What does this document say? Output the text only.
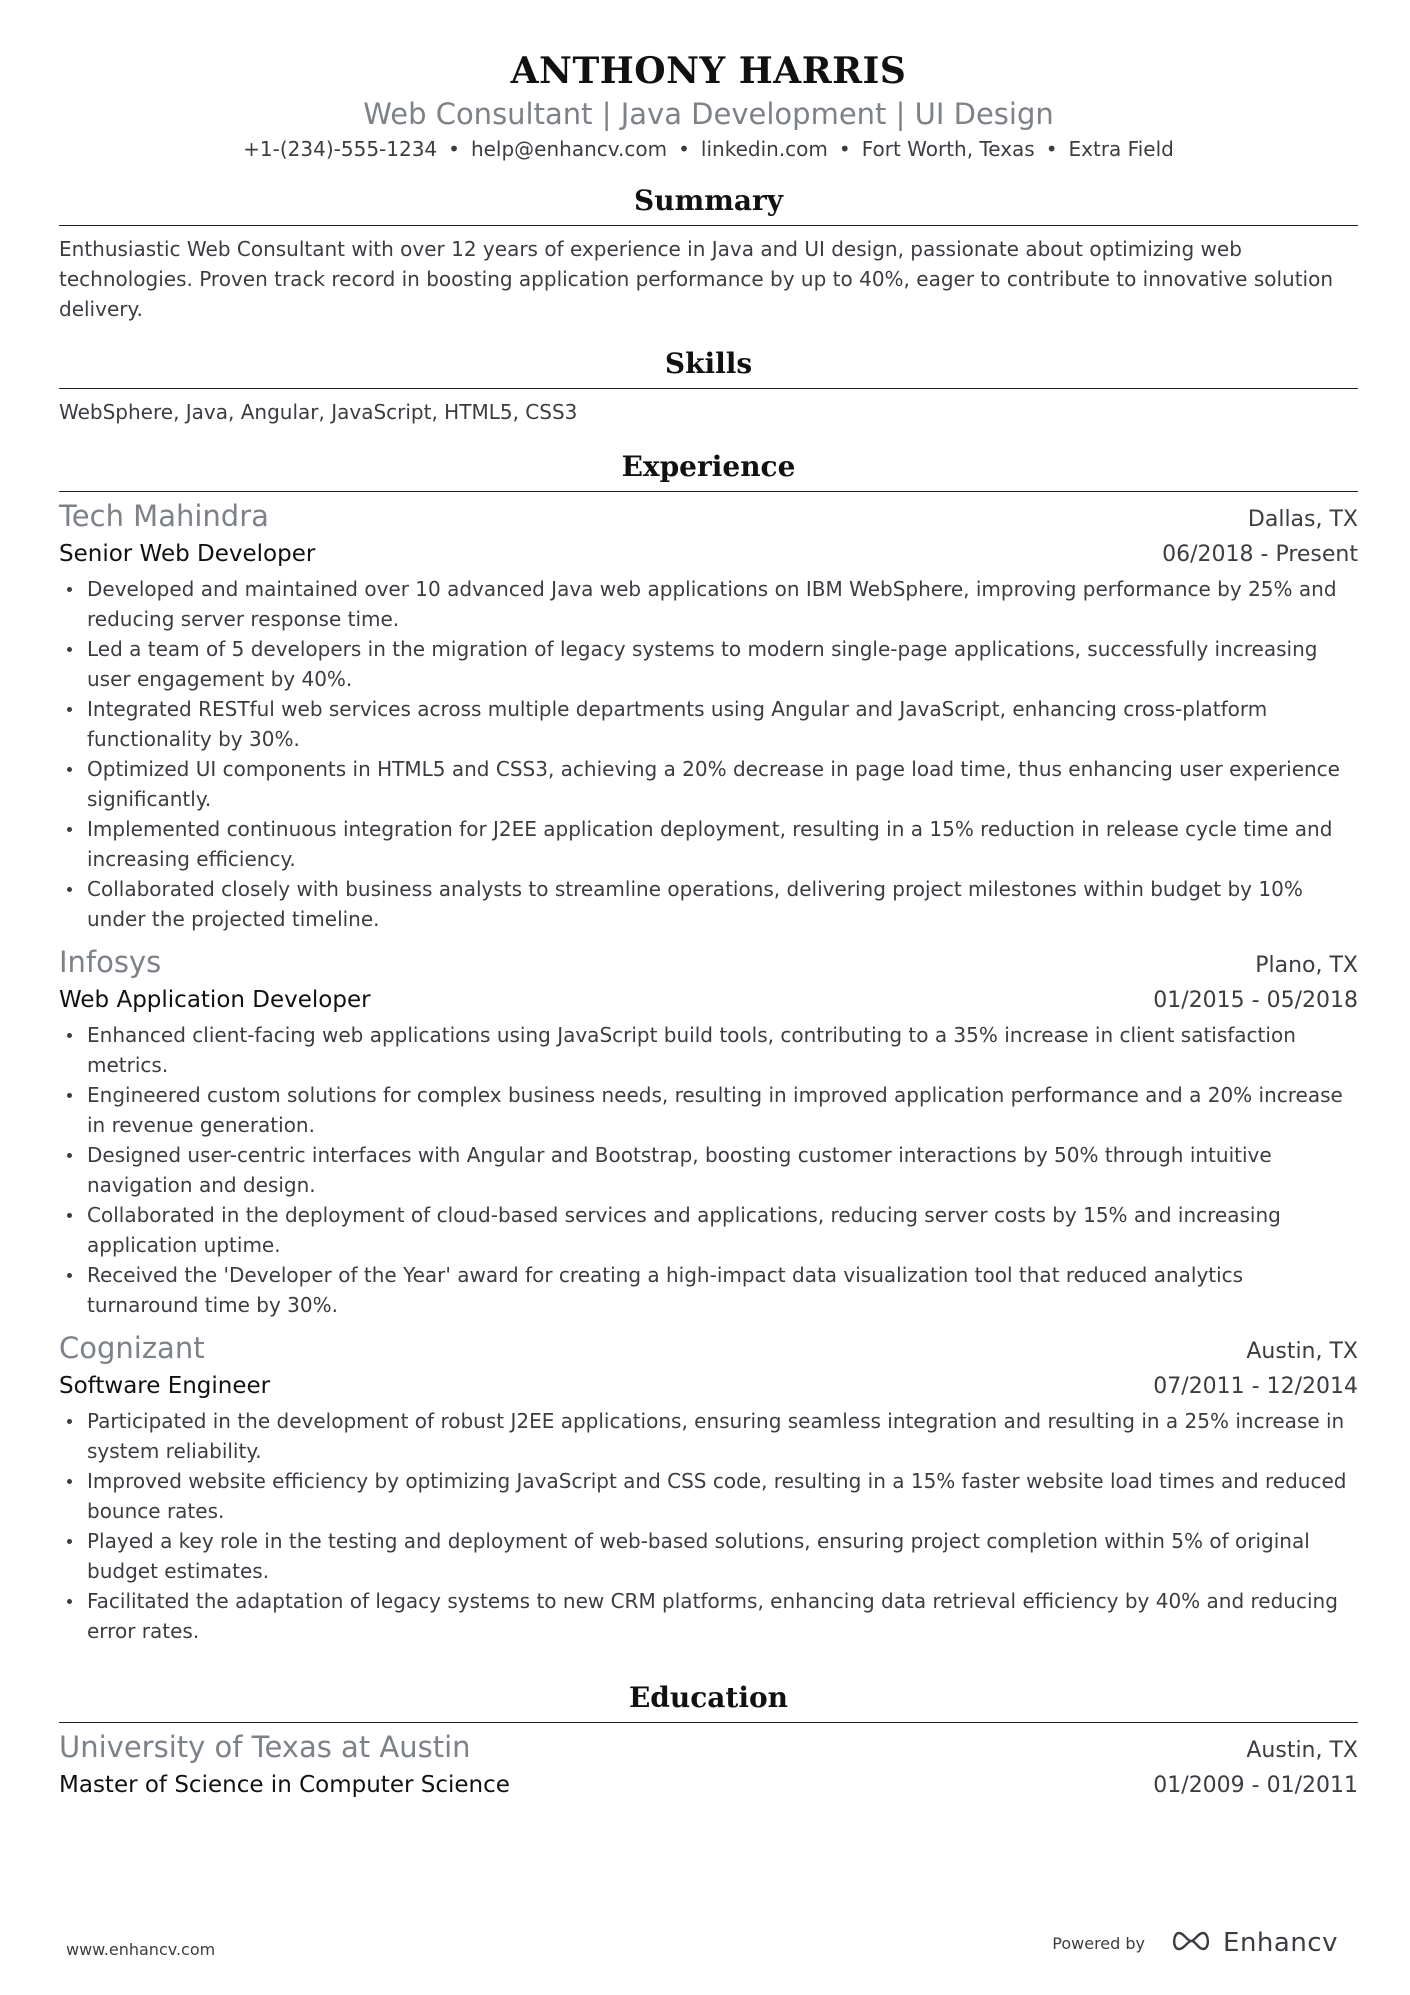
ANTHONY HARRIS
Web Consultant | Java Development | UI Design
+1-(234)-555-1234 • help@enhancv.com • linkedin.com • Fort Worth, Texas • Extra Field
Summary
Enthusiastic Web Consultant with over 12 years of experience in Java and UI design, passionate about optimizing web technologies. Proven track record in boosting application performance by up to 40%, eager to contribute to innovative solution delivery.
Skills
WebSphere, Java, Angular, JavaScript, HTML5, CSS3
Experience
Tech Mahindra	Dallas, TX
Senior Web Developer	06/2018 - Present
Developed and maintained over 10 advanced Java web applications on IBM WebSphere, improving performance by 25% and reducing server response time.
Led a team of 5 developers in the migration of legacy systems to modern single-page applications, successfully increasing user engagement by 40%.
Integrated RESTful web services across multiple departments using Angular and JavaScript, enhancing cross-platform functionality by 30%.
Optimized UI components in HTML5 and CSS3, achieving a 20% decrease in page load time, thus enhancing user experience significantly.
Implemented continuous integration for J2EE application deployment, resulting in a 15% reduction in release cycle time and increasing efficiency.
Collaborated closely with business analysts to streamline operations, delivering project milestones within budget by 10% under the projected timeline.
Infosys	Plano, TX
Web Application Developer	01/2015 - 05/2018
Enhanced client-facing web applications using JavaScript build tools, contributing to a 35% increase in client satisfaction metrics.
Engineered custom solutions for complex business needs, resulting in improved application performance and a 20% increase in revenue generation.
Designed user-centric interfaces with Angular and Bootstrap, boosting customer interactions by 50% through intuitive navigation and design.
Collaborated in the deployment of cloud-based services and applications, reducing server costs by 15% and increasing application uptime.
Received the 'Developer of the Year' award for creating a high-impact data visualization tool that reduced analytics turnaround time by 30%.
Cognizant	Austin, TX
Software Engineer	07/2011 - 12/2014
Participated in the development of robust J2EE applications, ensuring seamless integration and resulting in a 25% increase in system reliability.
Improved website efficiency by optimizing JavaScript and CSS code, resulting in a 15% faster website load times and reduced bounce rates.
Played a key role in the testing and deployment of web-based solutions, ensuring project completion within 5% of original budget estimates.
Facilitated the adaptation of legacy systems to new CRM platforms, enhancing data retrieval efficiency by 40% and reducing error rates.
Education
University of Texas at Austin	Austin, TX
Master of Science in Computer Science	01/2009 - 01/2011
www.enhancv.com	Powered by	Enhancv
